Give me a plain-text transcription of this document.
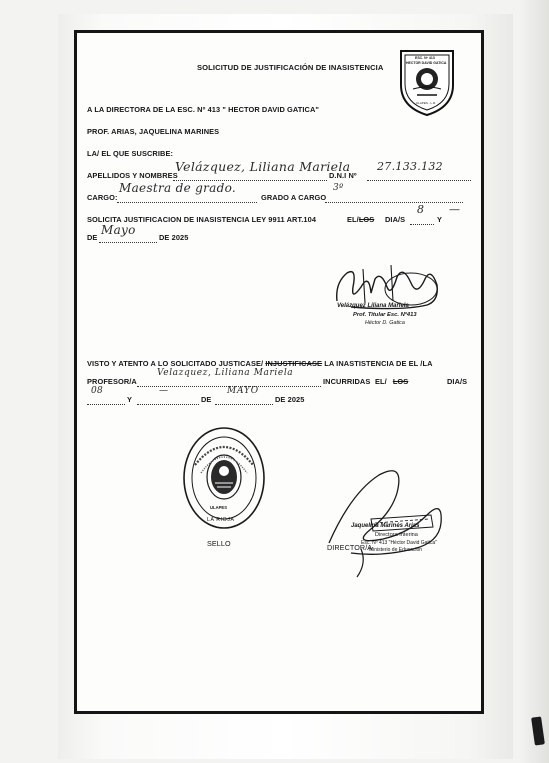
SOLICITUD DE JUSTIFICACIÓN DE INASISTENCIA
ESC. Nº 413
HECTOR DAVID GATICA
ULAPES - L.R.
A LA DIRECTORA DE LA ESC. Nº 413 " HECTOR DAVID GATICA"
PROF. ARIAS, JAQUELINA MARINES
LA/ EL QUE SUSCRIBE:
APELLIDOS Y NOMBRES
Velázquez, Liliana Mariela
D.N.I Nº
27.133.132
CARGO:
Maestra de grado.
GRADO A CARGO
3º
SOLICITA JUSTIFICACION DE INASISTENCIA LEY 9911 ART.104	EL/LOS DIA/S
8
Y
—
DE
Mayo
DE 2025
Velázquez Liliana Mariela
Prof. Titular Esc. Nº413
Héctor D. Gatica
VISTO Y ATENTO A LO SOLICITADO JUSTICASE/ INJUSTIFICASE LA INASTISTENCIA DE EL /LA
PROFESOR/A
Velazquez, Liliana Mariela
INCURRIDAS EL/ LOS	DIA/S
08
Y
—
DE
MAYO
DE 2025
ULAPES
LA RIOJA
SELLO
Jaquelina Marinés Arias
Directora Interina
Esc. Nº 413 "Héctor David Gatica"
Ministerio de Educación
DIRECTOR/A
